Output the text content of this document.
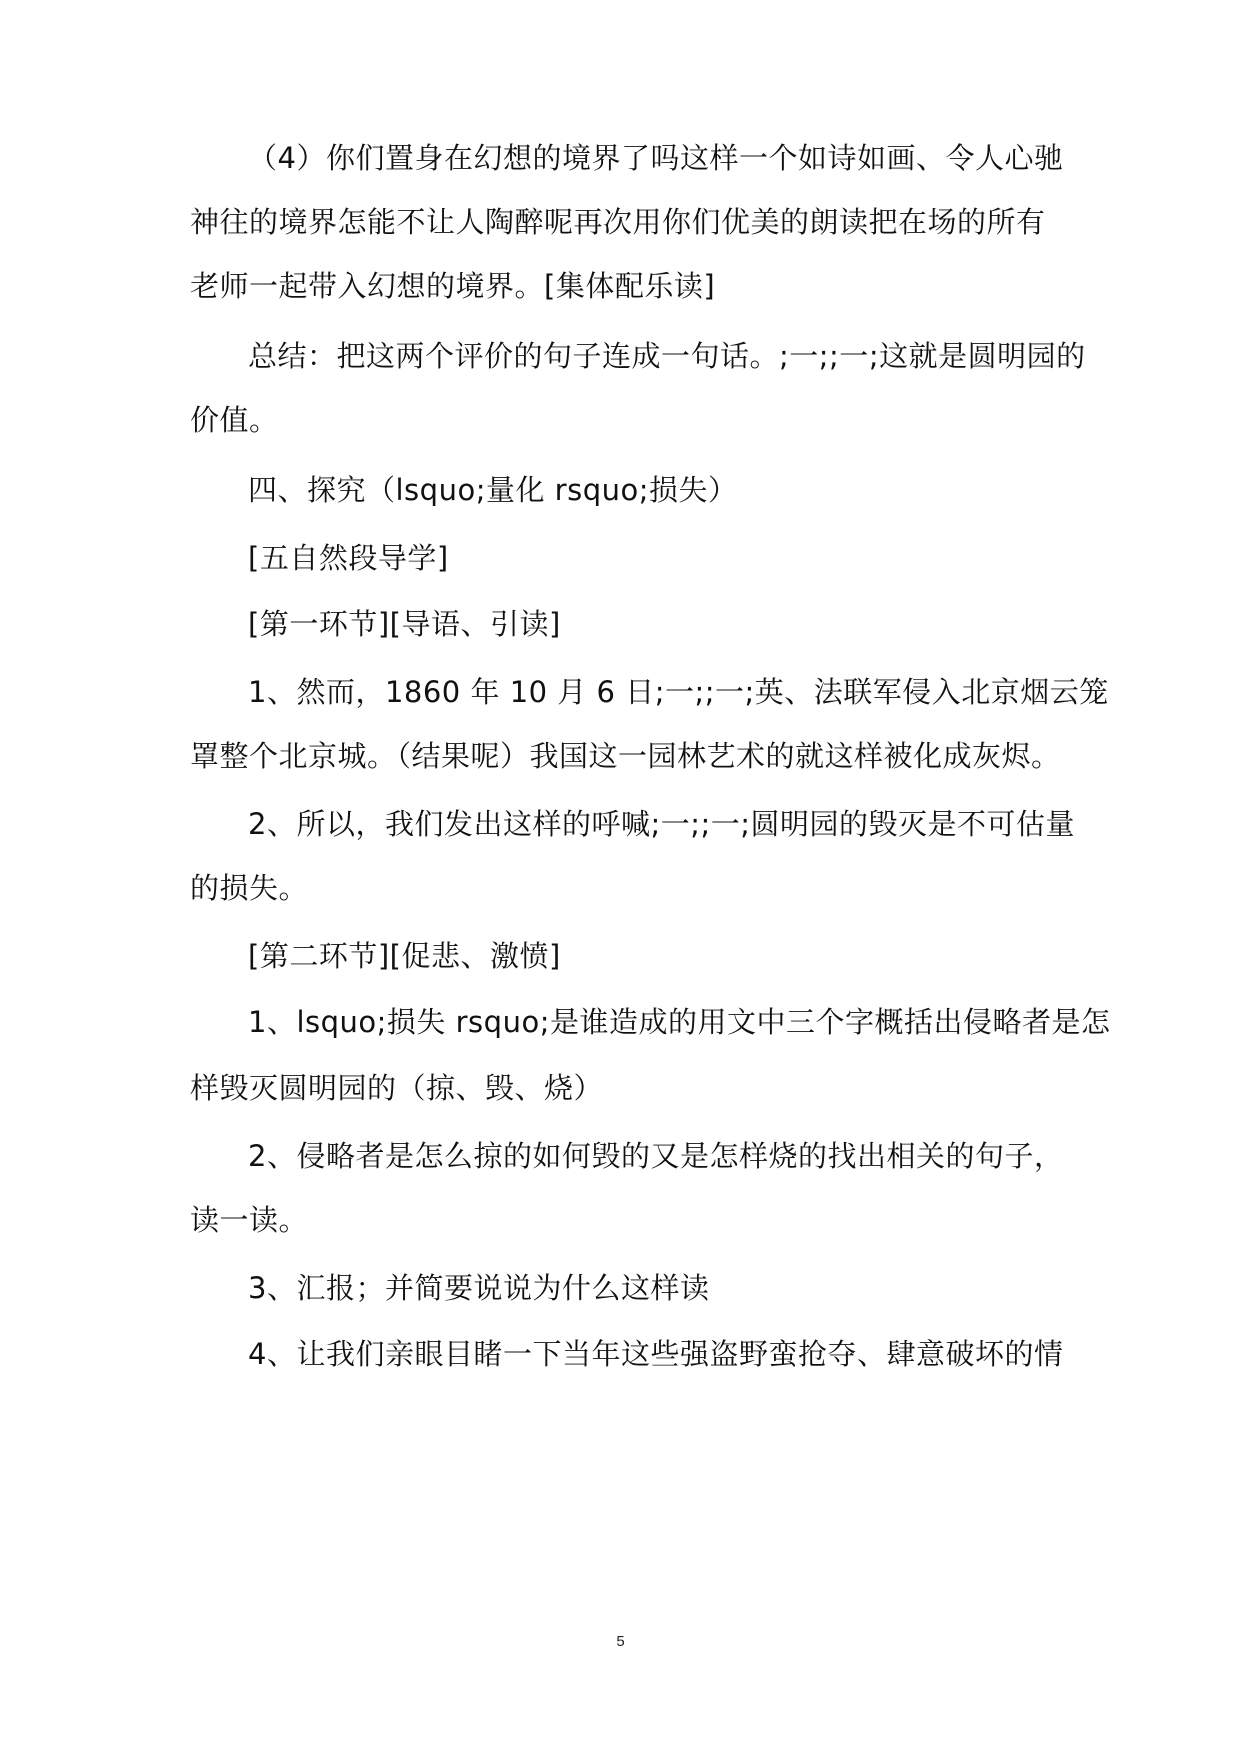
（4）你们置身在幻想的境界了吗这样一个如诗如画、令人心驰
神往的境界怎能不让人陶醉呢再次用你们优美的朗读把在场的所有
老师一起带入幻想的境界。[集体配乐读]
总结：把这两个评价的句子连成一句话。;一;;一;这就是圆明园的
价值。
四、探究（lsquo;量化 rsquo;损失）
[五自然段导学]
[第一环节][导语、引读]
1、然而，1860 年 10 月 6 日;一;;一;英、法联军侵入北京烟云笼
罩整个北京城。（结果呢）我国这一园林艺术的就这样被化成灰烬。
2、所以，我们发出这样的呼喊;一;;一;圆明园的毁灭是不可估量
的损失。
[第二环节][促悲、激愤]
1、lsquo;损失 rsquo;是谁造成的用文中三个字概括出侵略者是怎
样毁灭圆明园的（掠、毁、烧）
2、侵略者是怎么掠的如何毁的又是怎样烧的找出相关的句子，
读一读。
3、汇报；并简要说说为什么这样读
4、让我们亲眼目睹一下当年这些强盗野蛮抢夺、肆意破坏的情
5
